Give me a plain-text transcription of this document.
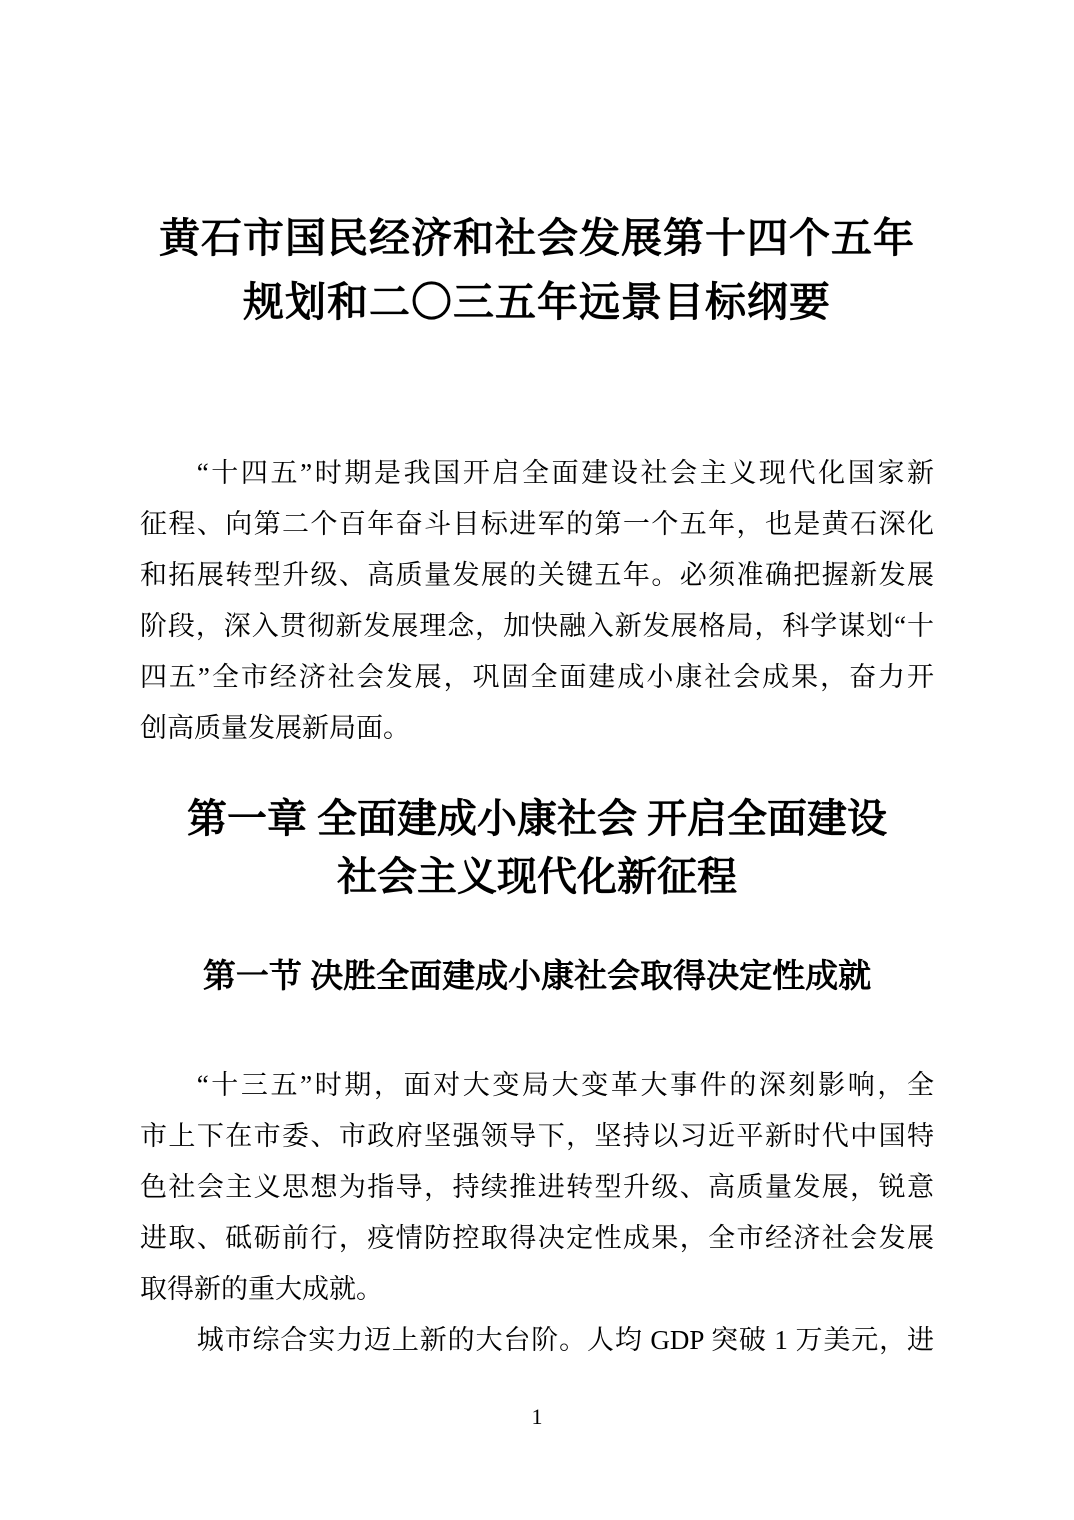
黄石市国民经济和社会发展第十四个五年
规划和二〇三五年远景目标纲要
“十四五”时期是我国开启全面建设社会主义现代化国家新
征程、向第二个百年奋斗目标进军的第一个五年，也是黄石深化
和拓展转型升级、高质量发展的关键五年。必须准确把握新发展
阶段，深入贯彻新发展理念，加快融入新发展格局，科学谋划“十
四五”全市经济社会发展，巩固全面建成小康社会成果，奋力开
创高质量发展新局面。
第一章 全面建成小康社会 开启全面建设
社会主义现代化新征程
第一节 决胜全面建成小康社会取得决定性成就
“十三五”时期，面对大变局大变革大事件的深刻影响，全
市上下在市委、市政府坚强领导下，坚持以习近平新时代中国特
色社会主义思想为指导，持续推进转型升级、高质量发展，锐意
进取、砥砺前行，疫情防控取得决定性成果，全市经济社会发展
取得新的重大成就。
城市综合实力迈上新的大台阶。人均 GDP 突破 1 万美元，进
1
